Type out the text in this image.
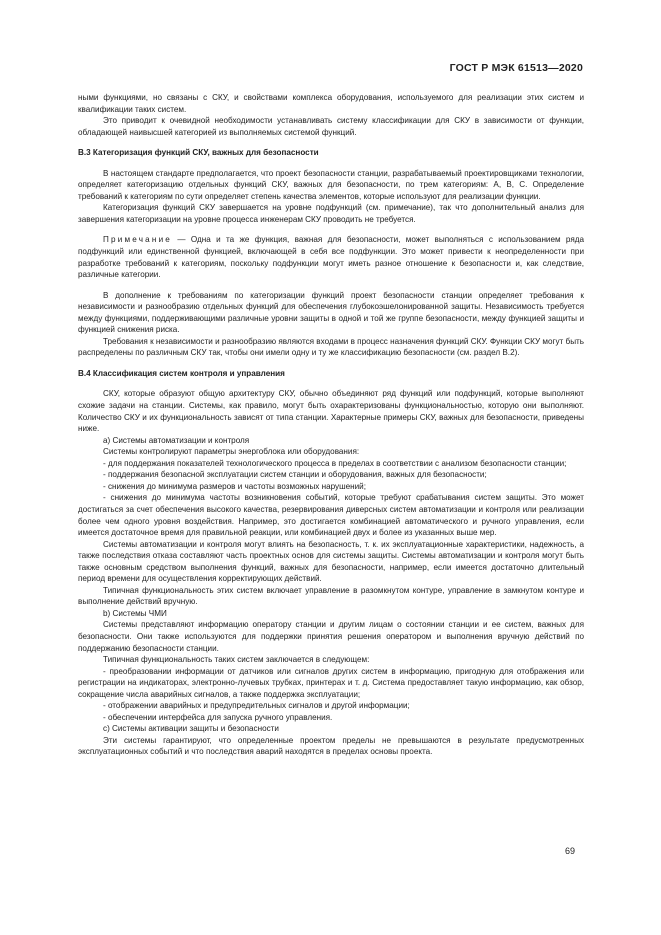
ГОСТ Р МЭК 61513—2020

ными функциями, но связаны с СКУ, и свойствами комплекса оборудования, используемого для реализации этих систем и квалификации таких систем.

Это приводит к очевидной необходимости устанавливать систему классификации для СКУ в зависимости от функции, обладающей наивысшей категорией из выполняемых системой функций.

В.3 Категоризация функций СКУ, важных для безопасности

В настоящем стандарте предполагается, что проект безопасности станции, разрабатываемый проектировщиками технологии, определяет категоризацию отдельных функций СКУ, важных для безопасности, по трем категориям: А, В, С. Определение требований к категориям по сути определяет степень качества элементов, которые используют для реализации функции.

Категоризация функций СКУ завершается на уровне подфункций (см. примечание), так что дополнительный анализ для завершения категоризации на уровне процесса инженерам СКУ проводить не требуется.

Примечание — Одна и та же функция, важная для безопасности, может выполняться с использованием ряда подфункций или единственной функцией, включающей в себя все подфункции. Это может привести к неопределенности при разработке требований к категориям, поскольку подфункции могут иметь разное отношение к безопасности и, как следствие, различные категории.

В дополнение к требованиям по категоризации функций проект безопасности станции определяет требования к независимости и разнообразию отдельных функций для обеспечения глубокоэшелонированной защиты. Независимость требуется между функциями, поддерживающими различные уровни защиты в одной и той же группе безопасности, между функцией защиты и функцией снижения риска.

Требования к независимости и разнообразию являются входами в процесс назначения функций СКУ. Функции СКУ могут быть распределены по различным СКУ так, чтобы они имели одну и ту же классификацию безопасности (см. раздел В.2).

В.4 Классификация систем контроля и управления

СКУ, которые образуют общую архитектуру СКУ, обычно объединяют ряд функций или подфункций, которые выполняют схожие задачи на станции. Системы, как правило, могут быть охарактеризованы функциональностью, которую они выполняют. Количество СКУ и их функциональность зависят от типа станции. Характерные примеры СКУ, важных для безопасности, приведены ниже.

a) Системы автоматизации и контроля

Системы контролируют параметры энергоблока или оборудования:

- для поддержания показателей технологического процесса в пределах в соответствии с анализом безопасности станции;

- поддержания безопасной эксплуатации систем станции и оборудования, важных для безопасности;

- снижения до минимума размеров и частоты возможных нарушений;

- снижения до минимума частоты возникновения событий, которые требуют срабатывания систем защиты. Это может достигаться за счет обеспечения высокого качества, резервирования диверсных систем автоматизации и контроля или реализации более чем одного уровня воздействия. Например, это достигается комбинацией автоматического и ручного управления, если имеется достаточное время для правильной реакции, или комбинацией двух и более из указанных выше мер.

Системы автоматизации и контроля могут влиять на безопасность, т. к. их эксплуатационные характеристики, надежность, а также последствия отказа составляют часть проектных основ для системы защиты. Системы автоматизации и контроля могут быть также основным средством выполнения функций, важных для безопасности, например, если имеется достаточно длительный период времени для осуществления корректирующих действий.

Типичная функциональность этих систем включает управление в разомкнутом контуре, управление в замкнутом контуре и выполнение действий вручную.

b) Системы ЧМИ

Системы представляют информацию оператору станции и другим лицам о состоянии станции и ее систем, важных для безопасности. Они также используются для поддержки принятия решения оператором и выполнения вручную действий по поддержанию безопасности станции.

Типичная функциональность таких систем заключается в следующем:

- преобразовании информации от датчиков или сигналов других систем в информацию, пригодную для отображения или регистрации на индикаторах, электронно-лучевых трубках, принтерах и т. д. Система предоставляет такую информацию, как обзор, сокращение числа аварийных сигналов, а также поддержка эксплуатации;

- отображении аварийных и предупредительных сигналов и другой информации;

- обеспечении интерфейса для запуска ручного управления.

c) Системы активации защиты и безопасности

Эти системы гарантируют, что определенные проектом пределы не превышаются в результате предусмотренных эксплуатационных событий и что последствия аварий находятся в пределах основы проекта.

69
